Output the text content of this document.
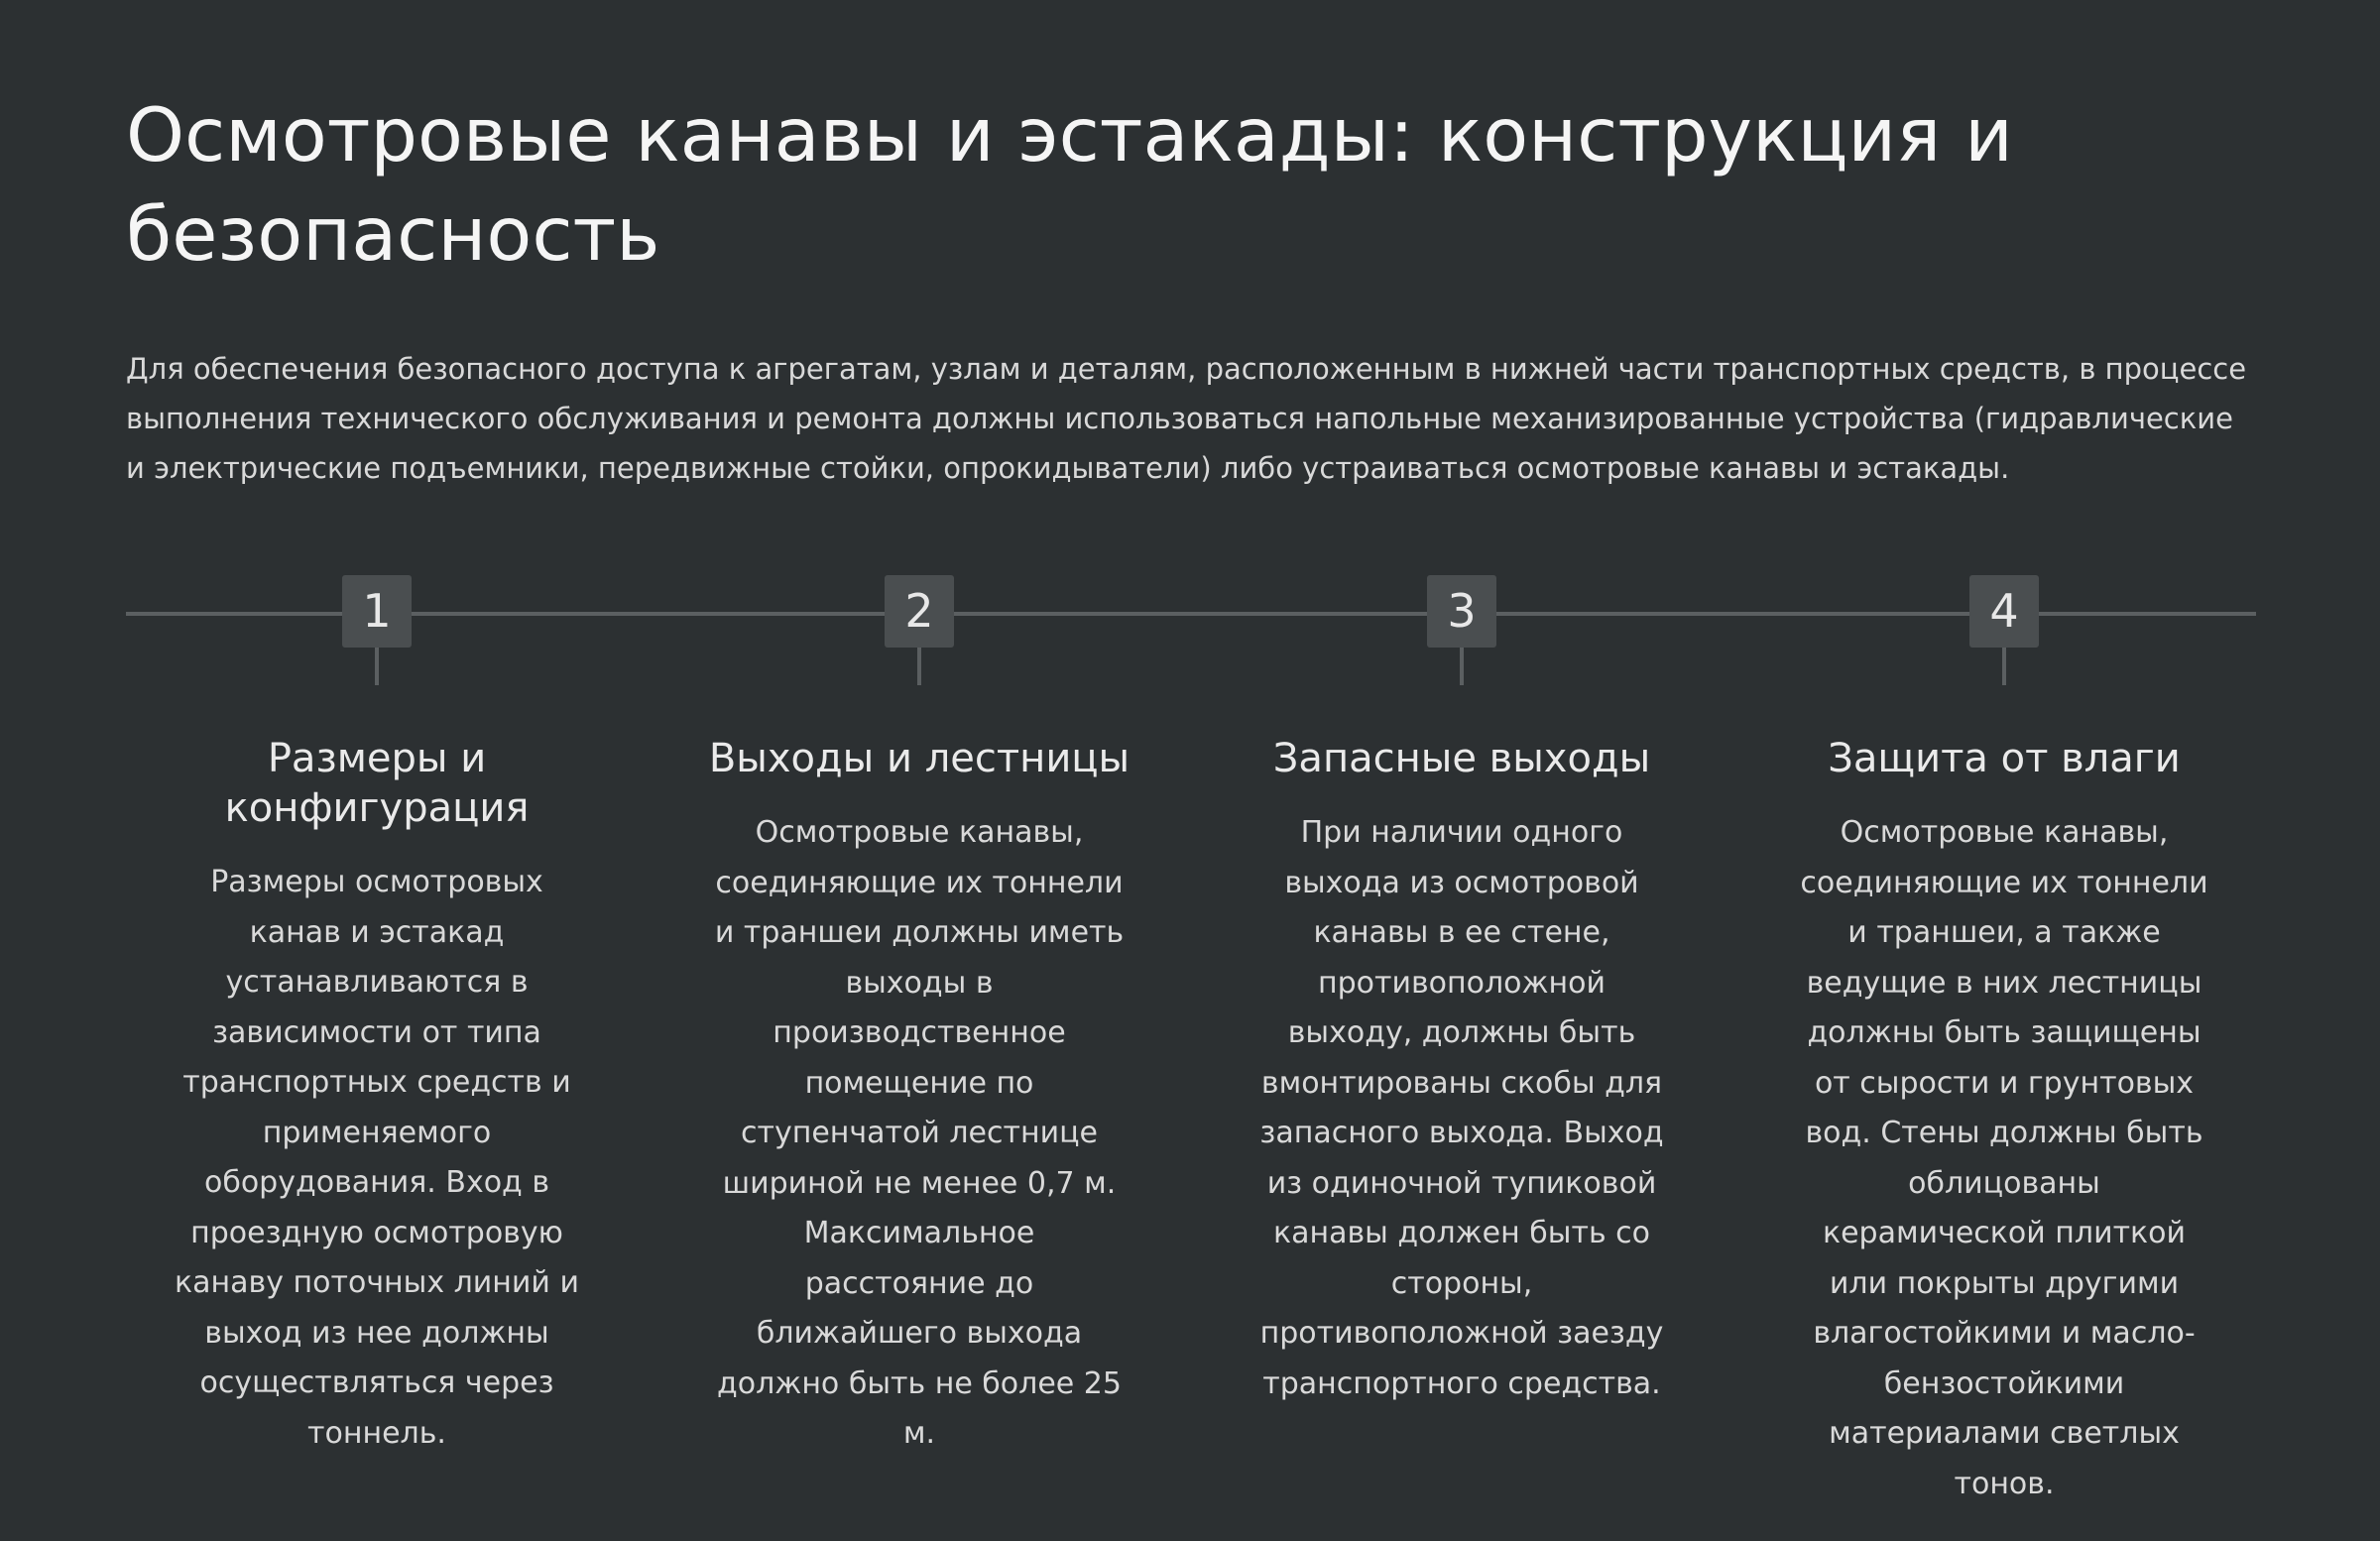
Осмотровые канавы и эстакады: конструкция и безопасность

Для обеспечения безопасного доступа к агрегатам, узлам и деталям, расположенным в нижней части транспортных средств, в процессе выполнения технического обслуживания и ремонта должны использоваться напольные механизированные устройства (гидравлические и электрические подъемники, передвижные стойки, опрокидыватели) либо устраиваться осмотровые канавы и эстакады.

1
Размеры и конфигурация

Размеры осмотровых канав и эстакад устанавливаются в зависимости от типа транспортных средств и применяемого оборудования. Вход в проездную осмотровую канаву поточных линий и выход из нее должны осуществляться через тоннель.

2
Выходы и лестницы

Осмотровые канавы, соединяющие их тоннели и траншеи должны иметь выходы в производственное помещение по ступенчатой лестнице шириной не менее 0,7 м. Максимальное расстояние до ближайшего выхода должно быть не более 25 м.

3
Запасные выходы

При наличии одного выхода из осмотровой канавы в ее стене, противоположной выходу, должны быть вмонтированы скобы для запасного выхода. Выход из одиночной тупиковой канавы должен быть со стороны, противоположной заезду транспортного средства.

4
Защита от влаги

Осмотровые канавы, соединяющие их тоннели и траншеи, а также ведущие в них лестницы должны быть защищены от сырости и грунтовых вод. Стены должны быть облицованы керамической плиткой или покрыты другими влагостойкими и масло-бензостойкими материалами светлых тонов.
